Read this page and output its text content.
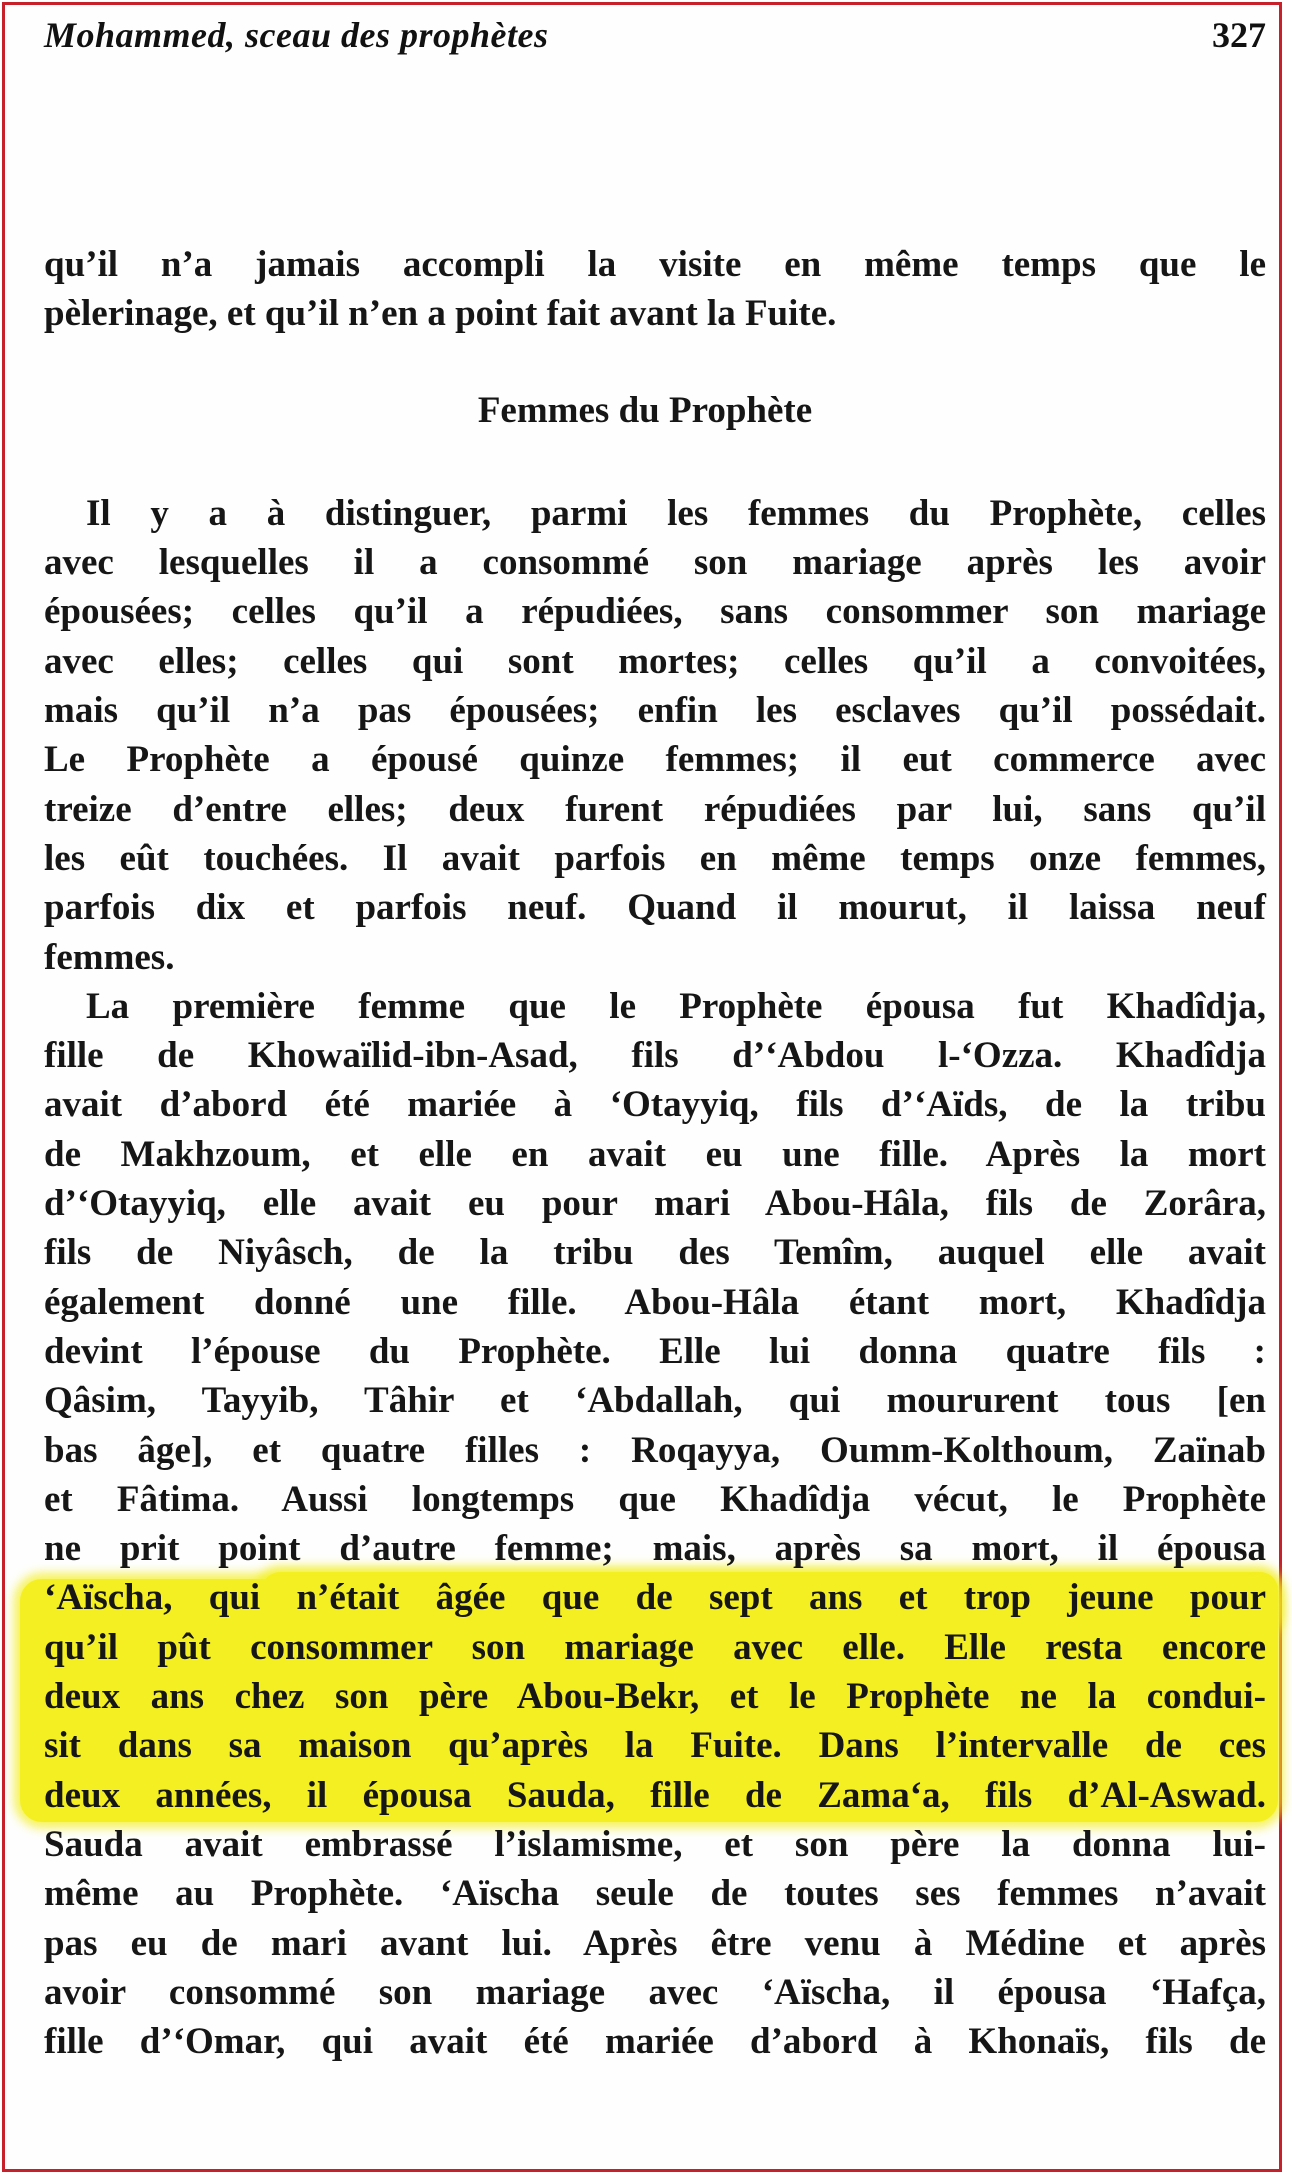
Mohammed, sceau des prophètes	327
qu’il n’a jamais accompli la visite en même temps que le
pèlerinage, et qu’il n’en a point fait avant la Fuite.
Femmes du Prophète
Il y a à distinguer, parmi les femmes du Prophète, celles
avec lesquelles il a consommé son mariage après les avoir
épousées; celles qu’il a répudiées, sans consommer son mariage
avec elles; celles qui sont mortes; celles qu’il a convoitées,
mais qu’il n’a pas épousées; enfin les esclaves qu’il possédait.
Le Prophète a épousé quinze femmes; il eut commerce avec
treize d’entre elles; deux furent répudiées par lui, sans qu’il
les eût touchées. Il avait parfois en même temps onze femmes,
parfois dix et parfois neuf. Quand il mourut, il laissa neuf
femmes.
La première femme que le Prophète épousa fut Khadîdja,
fille de Khowaïlid-ibn-Asad, fils d’‘Abdou l-‘Ozza. Khadîdja
avait d’abord été mariée à ‘Otayyiq, fils d’‘Aïds, de la tribu
de Makhzoum, et elle en avait eu une fille. Après la mort
d’‘Otayyiq, elle avait eu pour mari Abou-Hâla, fils de Zorâra,
fils de Niyâsch, de la tribu des Temîm, auquel elle avait
également donné une fille. Abou-Hâla étant mort, Khadîdja
devint l’épouse du Prophète. Elle lui donna quatre fils :
Qâsim, Tayyib, Tâhir et ‘Abdallah, qui moururent tous [en
bas âge], et quatre filles : Roqayya, Oumm-Kolthoum, Zaïnab
et Fâtima. Aussi longtemps que Khadîdja vécut, le Prophète
ne prit point d’autre femme; mais, après sa mort, il épousa
‘Aïscha, qui n’était âgée que de sept ans et trop jeune pour
qu’il pût consommer son mariage avec elle. Elle resta encore
deux ans chez son père Abou-Bekr, et le Prophète ne la condui-
sit dans sa maison qu’après la Fuite. Dans l’intervalle de ces
deux années, il épousa Sauda, fille de Zama‘a, fils d’Al-Aswad.
Sauda avait embrassé l’islamisme, et son père la donna lui-
même au Prophète. ‘Aïscha seule de toutes ses femmes n’avait
pas eu de mari avant lui. Après être venu à Médine et après
avoir consommé son mariage avec ‘Aïscha, il épousa ‘Hafça,
fille d’‘Omar, qui avait été mariée d’abord à Khonaïs, fils de
